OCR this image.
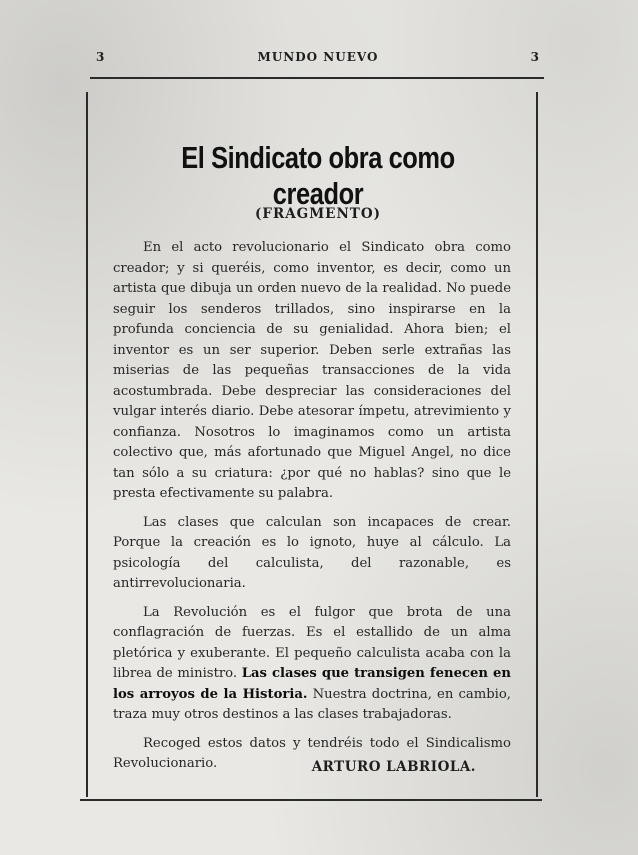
3	MUNDO NUEVO	3
El Sindicato obra como creador
(FRAGMENTO)

En el acto revolucionario el Sindicato obra como creador; y si queréis, como inventor, es decir, como un artista que dibuja un orden nuevo de la realidad. No puede seguir los senderos trillados, sino inspirarse en la profunda conciencia de su genialidad. Ahora bien; el inventor es un ser superior. Deben serle extrañas las miserias de las pequeñas transacciones de la vida acostumbrada. Debe despreciar las consideraciones del vulgar interés diario. Debe atesorar ímpetu, atrevimiento y confianza. Nosotros lo imaginamos como un artista colectivo que, más afortunado que Miguel Angel, no dice tan sólo a su criatura: ¿por qué no hablas? sino que le presta efectivamente su palabra.

Las clases que calculan son incapaces de crear. Porque la creación es lo ignoto, huye al cálculo. La psicología del calculista, del razonable, es antirrevolucionaria.

La Revolución es el fulgor que brota de una conflagración de fuerzas. Es el estallido de un alma pletórica y exuberante. El pequeño calculista acaba con la librea de ministro. Las clases que transigen fenecen en los arroyos de la Historia. Nuestra doctrina, en cambio, traza muy otros destinos a las clases trabajadoras.

Recoged estos datos y tendréis todo el Sindicalismo Revolucionario.	ARTURO LABRIOLA.
